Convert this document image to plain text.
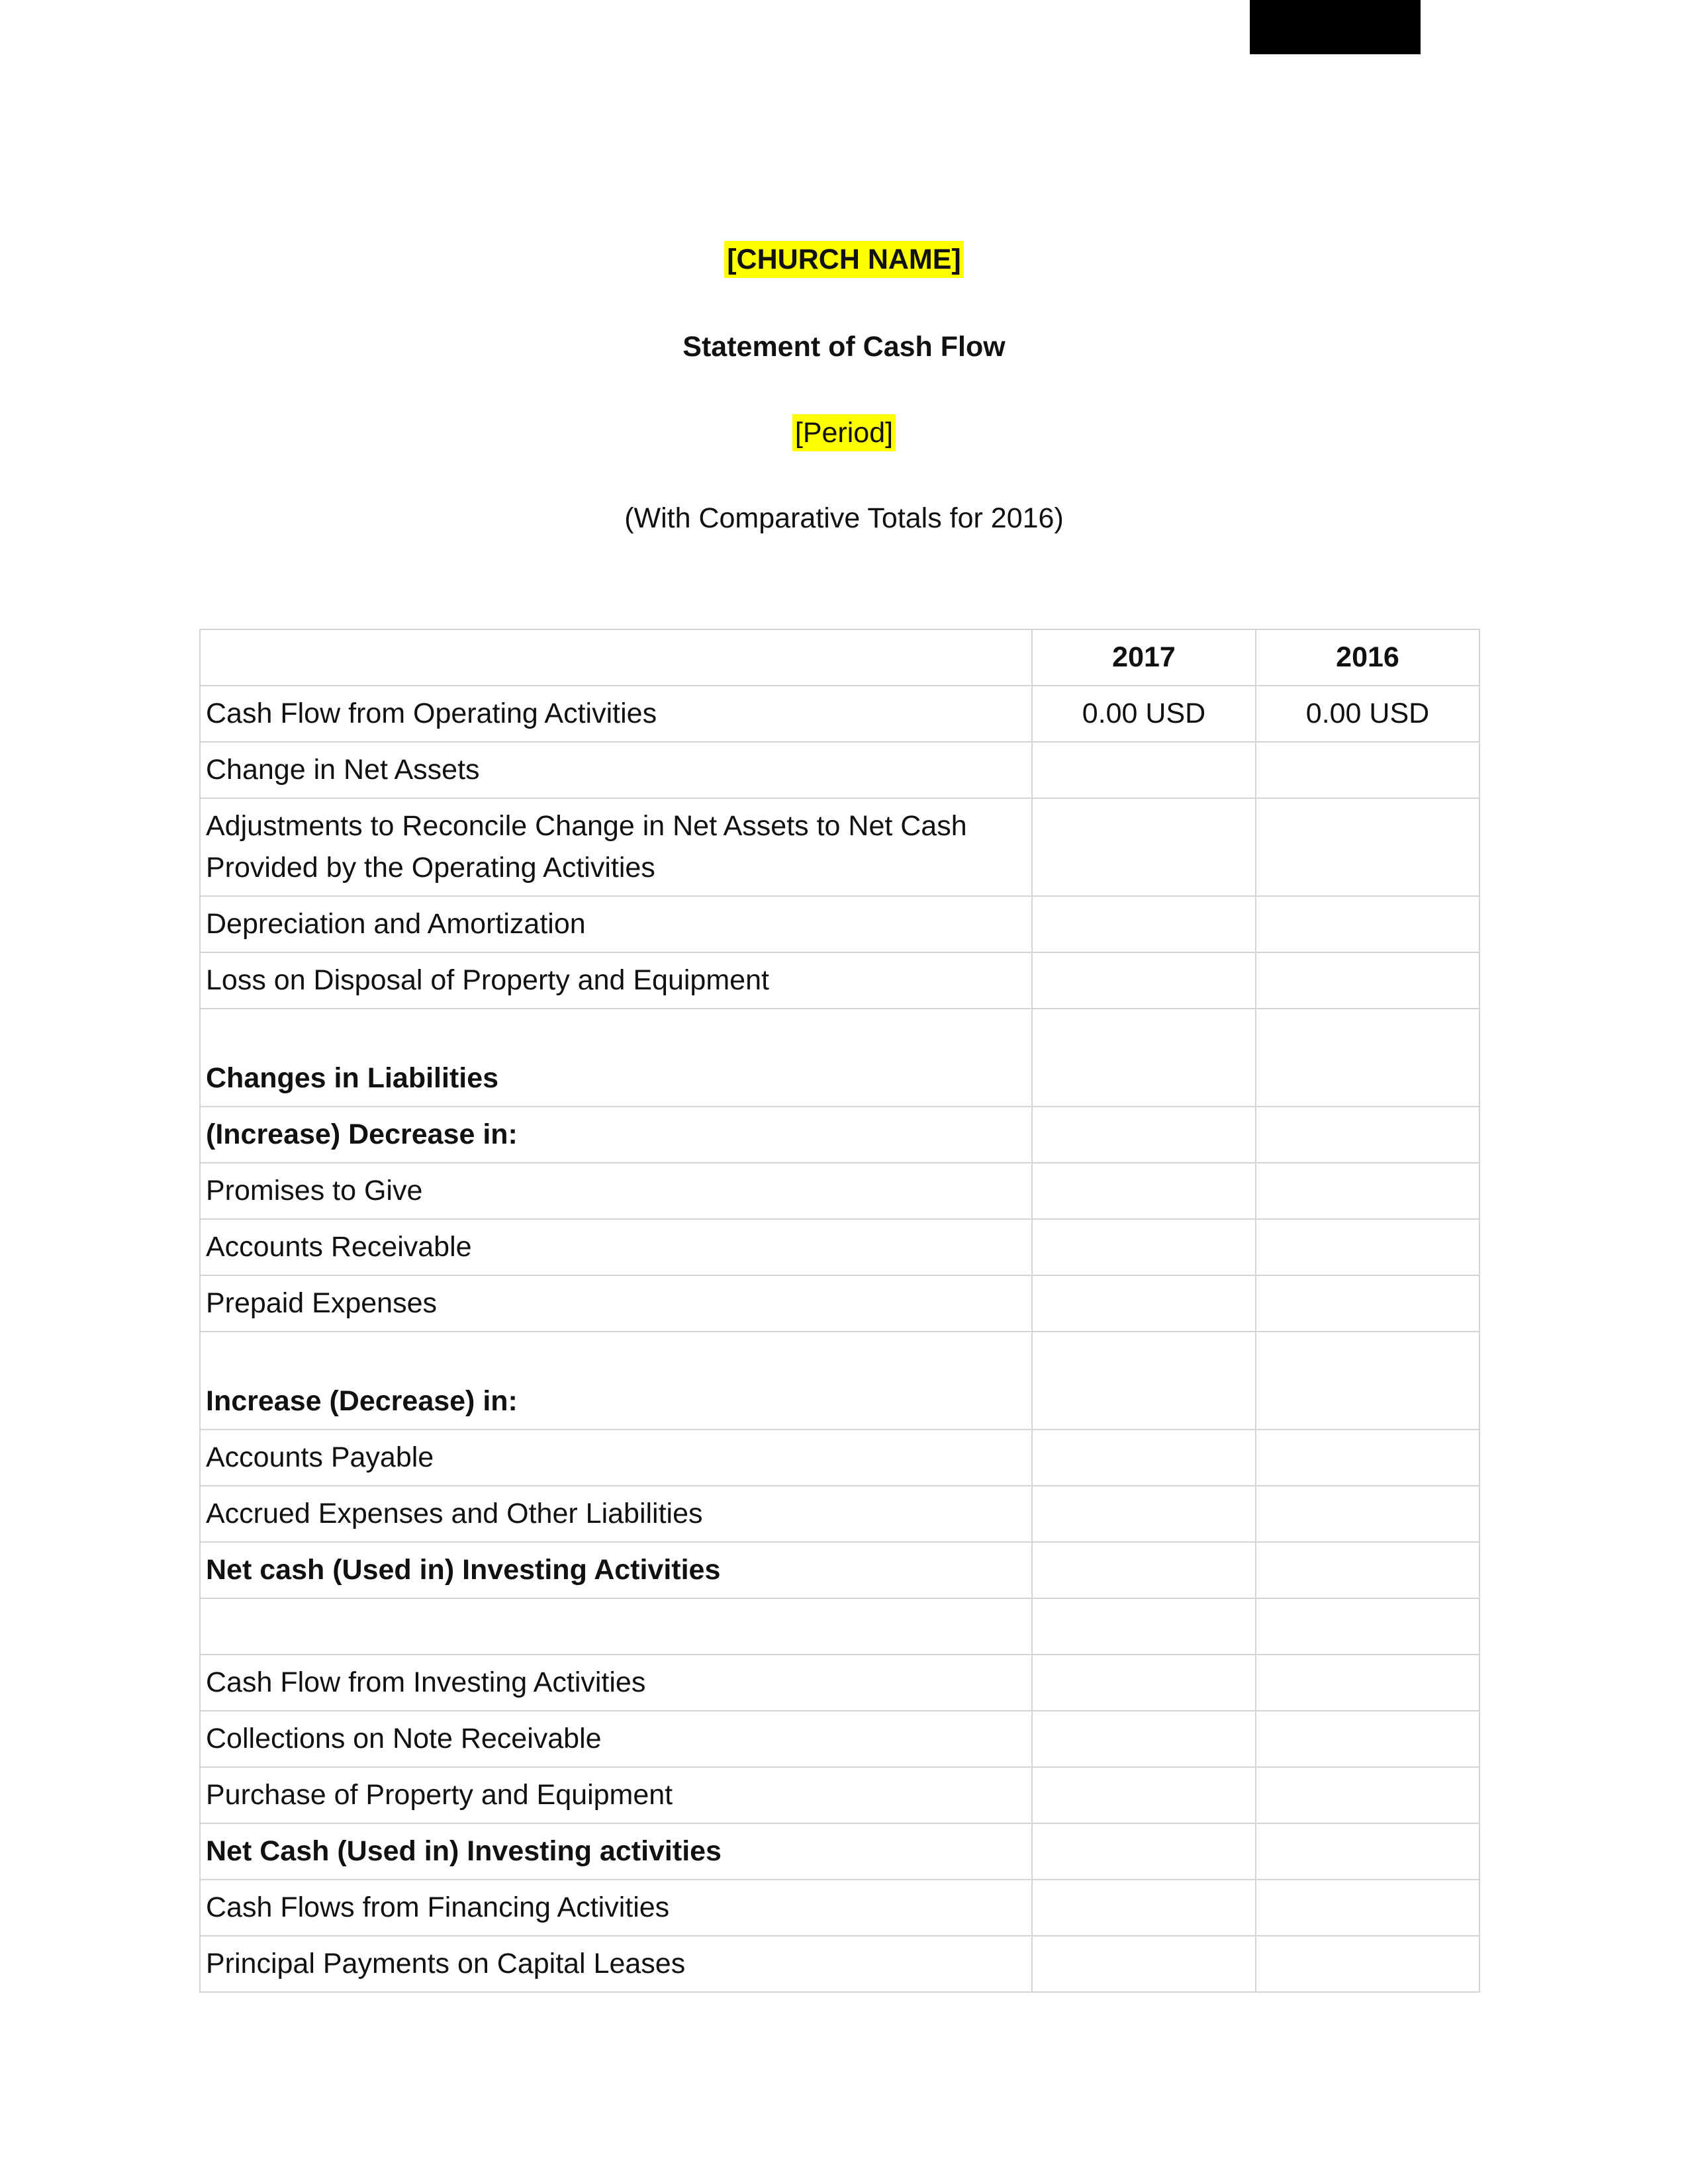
[CHURCH NAME]
Statement of Cash Flow
[Period]
(With Comparative Totals for 2016)
	2017	2016
Cash Flow from Operating Activities	0.00 USD	0.00 USD
Change in Net Assets		
Adjustments to Reconcile Change in Net Assets to Net Cash Provided by the Operating Activities		
Depreciation and Amortization		
Loss on Disposal of Property and Equipment		
Changes in Liabilities		
(Increase) Decrease in:		
Promises to Give		
Accounts Receivable		
Prepaid Expenses		
Increase (Decrease) in:		
Accounts Payable		
Accrued Expenses and Other Liabilities		
Net cash (Used in) Investing Activities		

Cash Flow from Investing Activities		
Collections on Note Receivable		
Purchase of Property and Equipment		
Net Cash (Used in) Investing activities		
Cash Flows from Financing Activities		
Principal Payments on Capital Leases		
